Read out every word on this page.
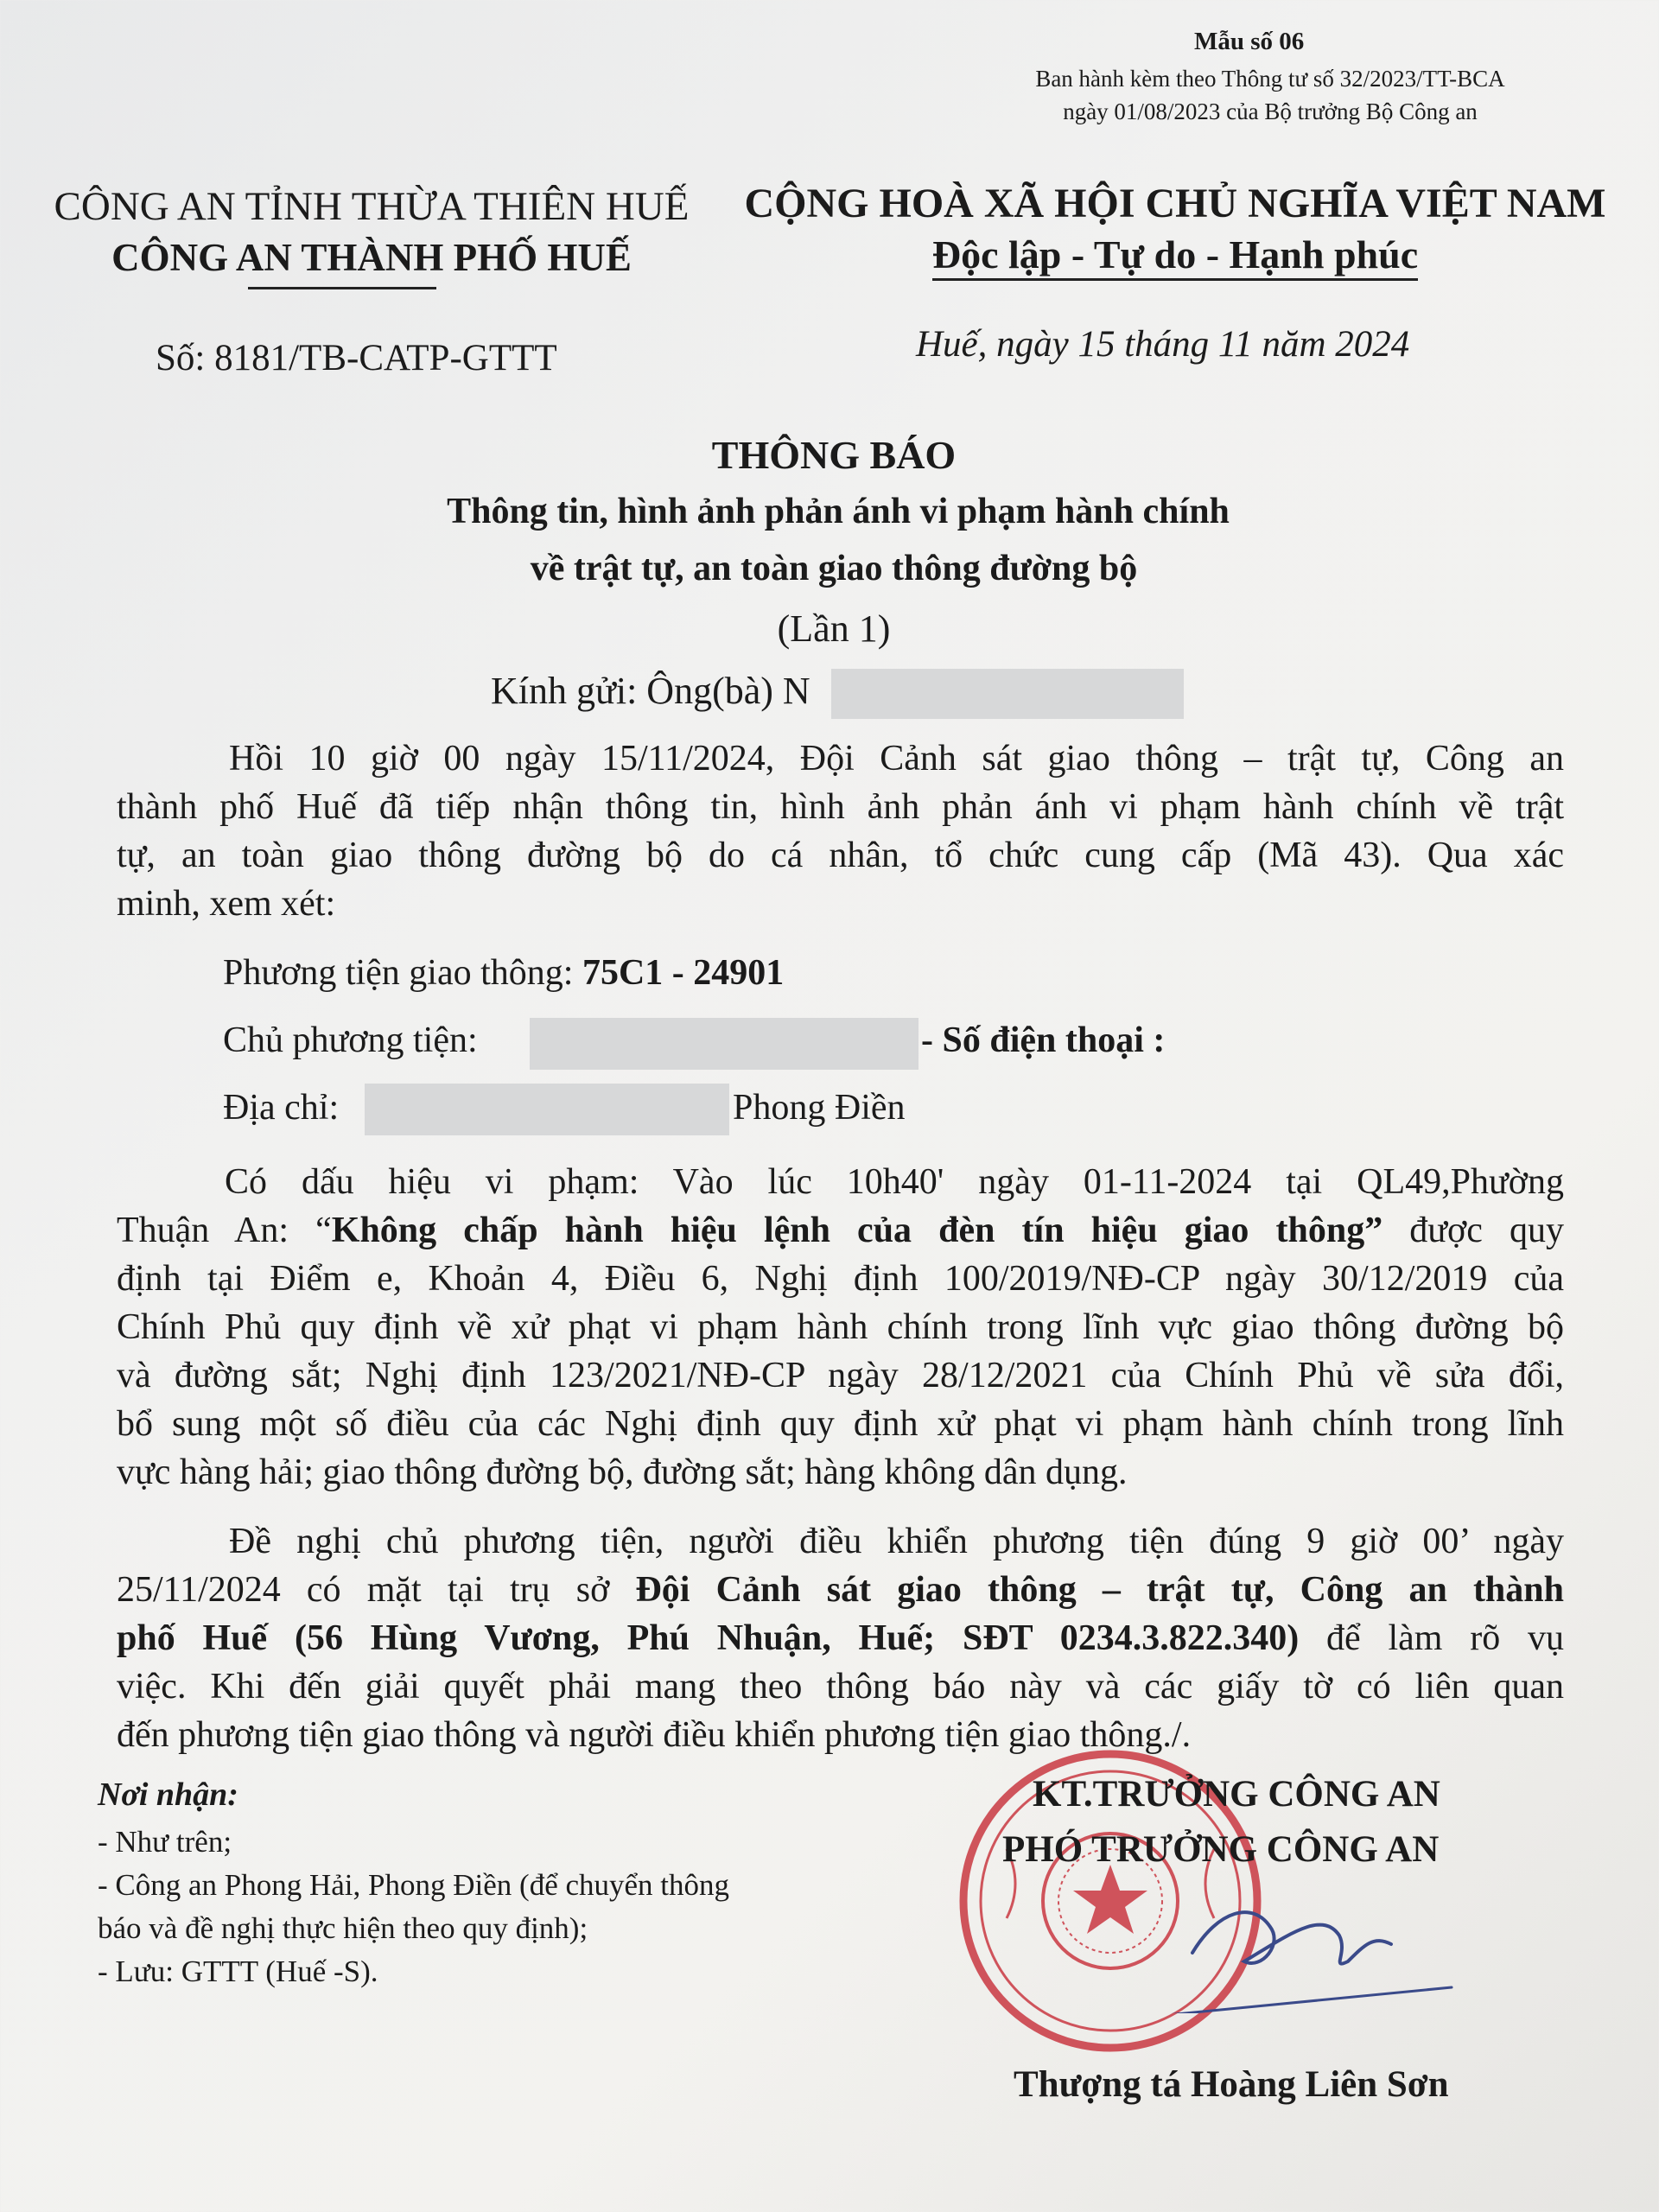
Mẫu số 06
Ban hành kèm theo Thông tư số 32/2023/TT-BCA
ngày 01/08/2023 của Bộ trưởng Bộ Công an
CÔNG AN TỈNH THỪA THIÊN HUẾ
CÔNG AN THÀNH PHỐ HUẾ
Số: 8181/TB-CATP-GTTT
CỘNG HOÀ XÃ HỘI CHỦ NGHĨA VIỆT NAM
Độc lập - Tự do - Hạnh phúc
Huế, ngày 15 tháng 11 năm 2024
THÔNG BÁO
Thông tin, hình ảnh phản ánh vi phạm hành chính
về trật tự, an toàn giao thông đường bộ
(Lần 1)
Kính gửi: Ông(bà) N
Hồi 10 giờ 00 ngày 15/11/2024, Đội Cảnh sát giao thông – trật tự, Công an
thành phố Huế đã tiếp nhận thông tin, hình ảnh phản ánh vi phạm hành chính về trật
tự, an toàn giao thông đường bộ do cá nhân, tổ chức cung cấp (Mã 43). Qua xác
minh, xem xét:
Phương tiện giao thông: 75C1 - 24901
Chủ phương tiện:	- Số điện thoại :
Địa chỉ:	Phong Điền
Có dấu hiệu vi phạm: Vào lúc 10h40' ngày 01-11-2024 tại QL49,Phường
Thuận An: “Không chấp hành hiệu lệnh của đèn tín hiệu giao thông” được quy
định tại Điểm e, Khoản 4, Điều 6, Nghị định 100/2019/NĐ-CP ngày 30/12/2019 của
Chính Phủ quy định về xử phạt vi phạm hành chính trong lĩnh vực giao thông đường bộ
và đường sắt; Nghị định 123/2021/NĐ-CP ngày 28/12/2021 của Chính Phủ về sửa đổi,
bổ sung một số điều của các Nghị định quy định xử phạt vi phạm hành chính trong lĩnh
vực hàng hải; giao thông đường bộ, đường sắt; hàng không dân dụng.
Đề nghị chủ phương tiện, người điều khiển phương tiện đúng 9 giờ 00’ ngày
25/11/2024 có mặt tại trụ sở Đội Cảnh sát giao thông – trật tự, Công an thành
phố Huế (56 Hùng Vương, Phú Nhuận, Huế; SĐT 0234.3.822.340) để làm rõ vụ
việc. Khi đến giải quyết phải mang theo thông báo này và các giấy tờ có liên quan
đến phương tiện giao thông và người điều khiển phương tiện giao thông./.
Nơi nhận:
- Như trên;
- Công an Phong Hải, Phong Điền (để chuyển thông
báo và đề nghị thực hiện theo quy định);
- Lưu: GTTT (Huế -S).
KT.TRƯỞNG CÔNG AN
PHÓ TRƯỞNG CÔNG AN
Thượng tá Hoàng Liên Sơn
